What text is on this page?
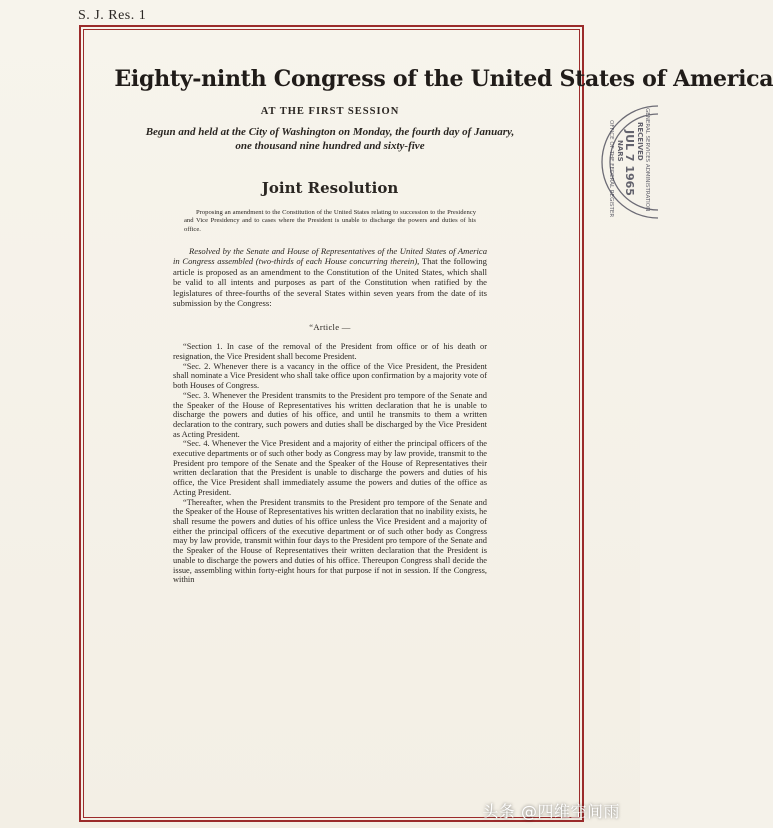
S. J. Res. 1
Eighty-ninth Congress of the United States of America
AT THE FIRST SESSION
Begun and held at the City of Washington on Monday, the fourth day of January,
one thousand nine hundred and sixty-five
Joint Resolution
Proposing an amendment to the Constitution of the United States relating to succession to the Presidency and Vice Presidency and to cases where the President is unable to discharge the powers and duties of his office.
Resolved by the Senate and House of Representatives of the United States of America in Congress assembled (two-thirds of each House concurring therein), That the following article is proposed as an amendment to the Constitution of the United States, which shall be valid to all intents and purposes as part of the Constitution when ratified by the legislatures of three-fourths of the several States within seven years from the date of its submission by the Congress:
“Article —

“Section 1. In case of the removal of the President from office or of his death or resignation, the Vice President shall become President.

“Sec. 2. Whenever there is a vacancy in the office of the Vice President, the President shall nominate a Vice President who shall take office upon confirmation by a majority vote of both Houses of Congress.

“Sec. 3. Whenever the President transmits to the President pro tempore of the Senate and the Speaker of the House of Representatives his written declaration that he is unable to discharge the powers and duties of his office, and until he transmits to them a written declaration to the contrary, such powers and duties shall be discharged by the Vice President as Acting President.

“Sec. 4. Whenever the Vice President and a majority of either the principal officers of the executive departments or of such other body as Congress may by law provide, transmit to the President pro tempore of the Senate and the Speaker of the House of Representatives their written declaration that the President is unable to discharge the powers and duties of his office, the Vice President shall immediately assume the powers and duties of the office as Acting President.

“Thereafter, when the President transmits to the President pro tempore of the Senate and the Speaker of the House of Representatives his written declaration that no inability exists, he shall resume the powers and duties of his office unless the Vice President and a majority of either the principal officers of the executive department or of such other body as Congress may by law provide, transmit within four days to the President pro tempore of the Senate and the Speaker of the House of Representatives their written declaration that the President is unable to discharge the powers and duties of his office. Thereupon Congress shall decide the issue, assembling within forty-eight hours for that purpose if not in session. If the Congress, within

RECEIVED
JUL 7 1965
NARS
OFFICE OF THE FEDERAL REGISTER	GENERAL SERVICES ADMINISTRATION
头条 @四维空间雨
